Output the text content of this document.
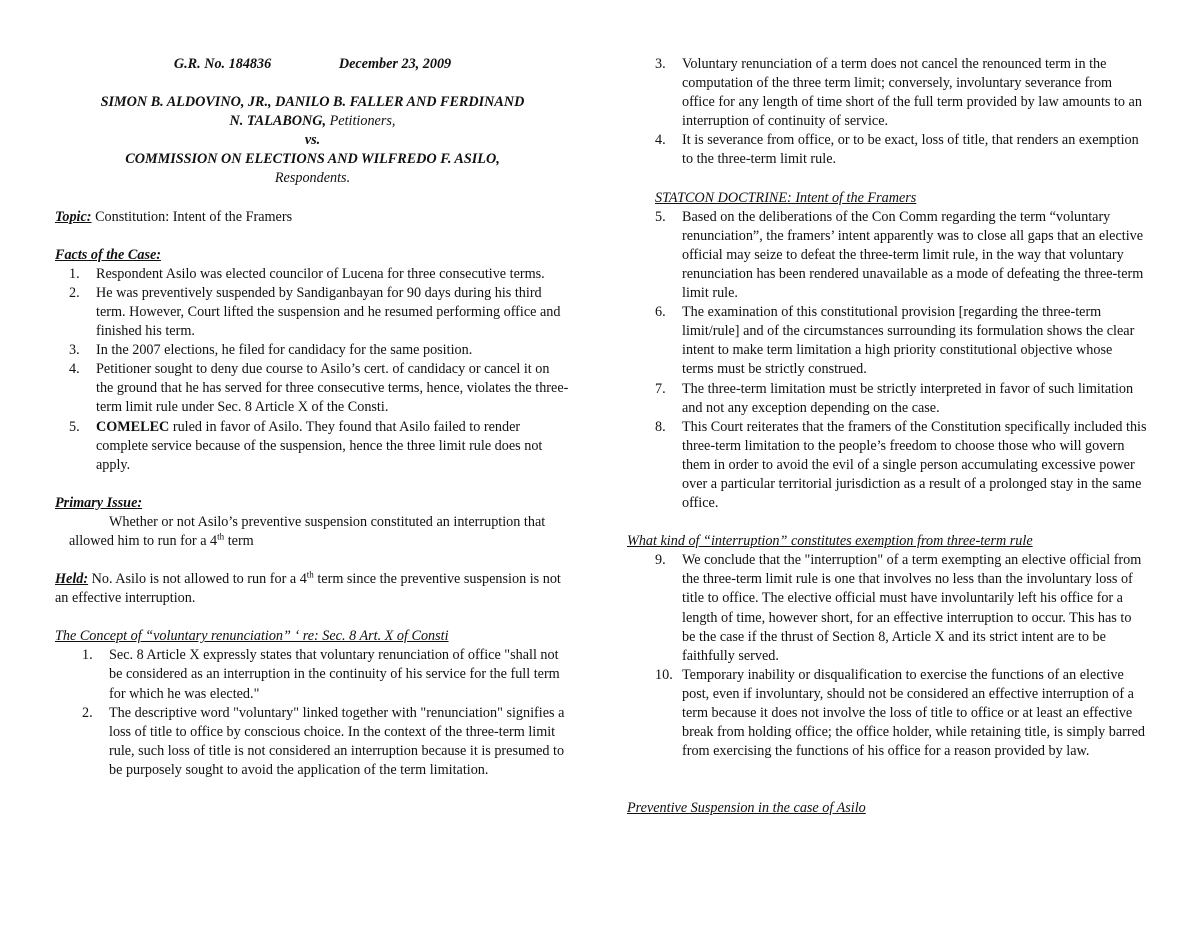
G.R. No. 184836	December 23, 2009

SIMON B. ALDOVINO, JR., DANILO B. FALLER AND FERDINAND
N. TALABONG, Petitioners,

vs.

COMMISSION ON ELECTIONS AND WILFREDO F. ASILO,
Respondents.

Topic: Constitution: Intent of the Framers

Facts of the Case:

1. Respondent Asilo was elected councilor of Lucena for three consecutive terms.
2. He was preventively suspended by Sandiganbayan for 90 days during his third term. However, Court lifted the suspension and he resumed performing office and finished his term.
3. In the 2007 elections, he filed for candidacy for the same position.
4. Petitioner sought to deny due course to Asilo’s cert. of candidacy or cancel it on the ground that he has served for three consecutive terms, hence, violates the three-term limit rule under Sec. 8 Article X of the Consti.
5. COMELEC ruled in favor of Asilo. They found that Asilo failed to render complete service because of the suspension, hence the three limit rule does not apply.

Primary Issue:

Whether or not Asilo’s preventive suspension constituted an interruption that allowed him to run for a 4th term

Held: No. Asilo is not allowed to run for a 4th term since the preventive suspension is not an effective interruption.

The Concept of “voluntary renunciation” ‘ re: Sec. 8 Art. X of Consti

1. Sec. 8 Article X expressly states that voluntary renunciation of office "shall not be considered as an interruption in the continuity of his service for the full term for which he was elected."
2. The descriptive word "voluntary" linked together with "renunciation" signifies a loss of title to office by conscious choice. In the context of the three-term limit rule, such loss of title is not considered an interruption because it is presumed to be purposely sought to avoid the application of the term limitation.
3. Voluntary renunciation of a term does not cancel the renounced term in the computation of the three term limit; conversely, involuntary severance from office for any length of time short of the full term provided by law amounts to an interruption of continuity of service.
4. It is severance from office, or to be exact, loss of title, that renders an exemption to the three-term limit rule.

STATCON DOCTRINE: Intent of the Framers

5. Based on the deliberations of the Con Comm regarding the term “voluntary renunciation”, the framers’ intent apparently was to close all gaps that an elective official may seize to defeat the three-term limit rule, in the way that voluntary renunciation has been rendered unavailable as a mode of defeating the three-term limit rule.
6. The examination of this constitutional provision [regarding the three-term limit/rule] and of the circumstances surrounding its formulation shows the clear intent to make term limitation a high priority constitutional objective whose terms must be strictly construed.
7. The three-term limitation must be strictly interpreted in favor of such limitation and not any exception depending on the case.
8. This Court reiterates that the framers of the Constitution specifically included this three-term limitation to the people’s freedom to choose those who will govern them in order to avoid the evil of a single person accumulating excessive power over a particular territorial jurisdiction as a result of a prolonged stay in the same office.

What kind of “interruption” constitutes exemption from three-term rule

9. We conclude that the "interruption" of a term exempting an elective official from the three-term limit rule is one that involves no less than the involuntary loss of title to office. The elective official must have involuntarily left his office for a length of time, however short, for an effective interruption to occur. This has to be the case if the thrust of Section 8, Article X and its strict intent are to be faithfully served.
10. Temporary inability or disqualification to exercise the functions of an elective post, even if involuntary, should not be considered an effective interruption of a term because it does not involve the loss of title to office or at least an effective break from holding office; the office holder, while retaining title, is simply barred from exercising the functions of his office for a reason provided by law.

Preventive Suspension in the case of Asilo
